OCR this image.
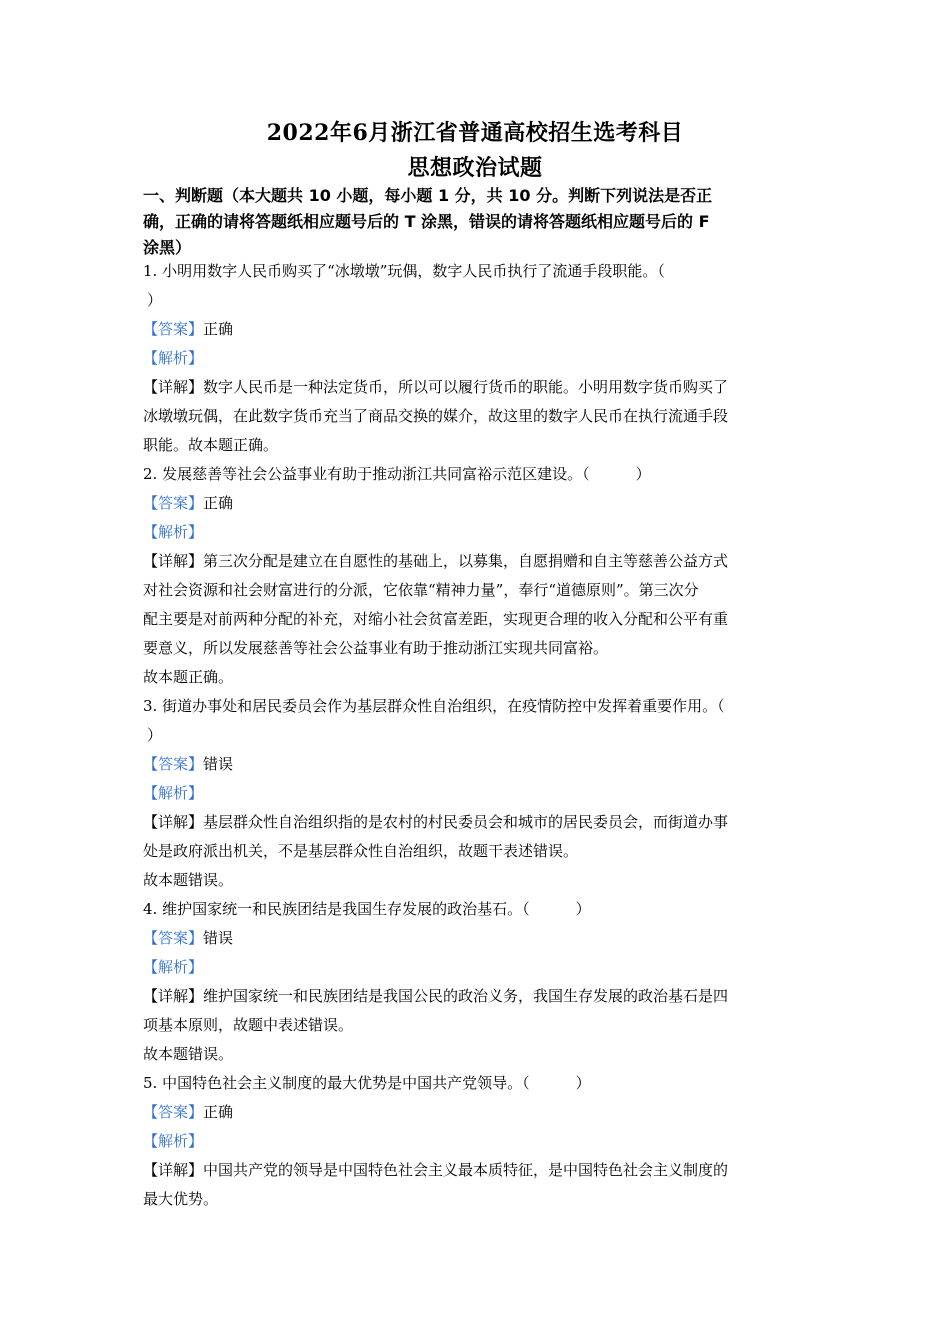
2022年6月浙江省普通高校招生选考科目
思想政治试题
一、判断题（本大题共 10 小题，每小题 1 分，共 10 分。判断下列说法是否正
确，正确的请将答题纸相应题号后的 T 涂黑，错误的请将答题纸相应题号后的 F
涂黑）
1. 小明用数字人民币购买了“冰墩墩”玩偶，数字人民币执行了流通手段职能。（
）
【答案】正确
【解析】
【详解】数字人民币是一种法定货币，所以可以履行货币的职能。小明用数字货币购买了
冰墩墩玩偶，在此数字货币充当了商品交换的媒介，故这里的数字人民币在执行流通手段
职能。故本题正确。
2. 发展慈善等社会公益事业有助于推动浙江共同富裕示范区建设。（	）
【答案】正确
【解析】
【详解】第三次分配是建立在自愿性的基础上，以募集，自愿捐赠和自主等慈善公益方式
对社会资源和社会财富进行的分派，它依靠“精神力量”，奉行“道德原则”。第三次分
配主要是对前两种分配的补充，对缩小社会贫富差距，实现更合理的收入分配和公平有重
要意义，所以发展慈善等社会公益事业有助于推动浙江实现共同富裕。
故本题正确。
3. 街道办事处和居民委员会作为基层群众性自治组织，在疫情防控中发挥着重要作用。（
）
【答案】错误
【解析】
【详解】基层群众性自治组织指的是农村的村民委员会和城市的居民委员会，而街道办事
处是政府派出机关，不是基层群众性自治组织，故题干表述错误。
故本题错误。
4. 维护国家统一和民族团结是我国生存发展的政治基石。（	）
【答案】错误
【解析】
【详解】维护国家统一和民族团结是我国公民的政治义务，我国生存发展的政治基石是四
项基本原则，故题中表述错误。
故本题错误。
5. 中国特色社会主义制度的最大优势是中国共产党领导。（	）
【答案】正确
【解析】
【详解】中国共产党的领导是中国特色社会主义最本质特征，是中国特色社会主义制度的
最大优势。
